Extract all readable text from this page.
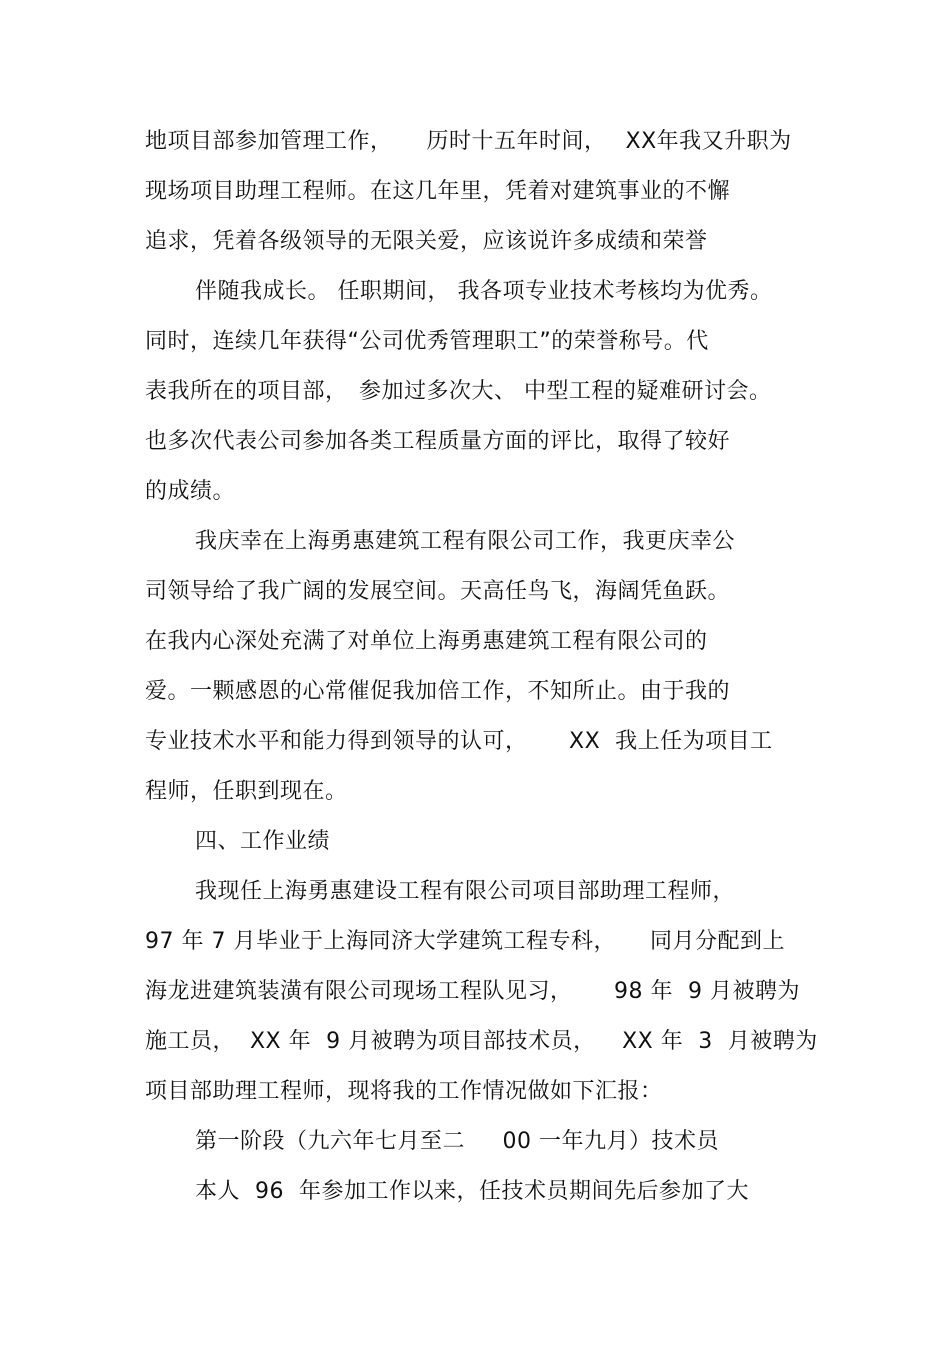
地项目部参加管理工作，　　历时十五年时间，　 XX年我又升职为
现场项目助理工程师。在这几年里，凭着对建筑事业的不懈
追求，凭着各级领导的无限关爱，应该说许多成绩和荣誉
伴随我成长。 任职期间， 我各项专业技术考核均为优秀。
同时，连续几年获得“公司优秀管理职工”的荣誉称号。代
表我所在的项目部，　参加过多次大、 中型工程的疑难研讨会。
也多次代表公司参加各类工程质量方面的评比，取得了较好
的成绩。
我庆幸在上海勇惠建筑工程有限公司工作，我更庆幸公
司领导给了我广阔的发展空间。天高任鸟飞，海阔凭鱼跃。
在我内心深处充满了对单位上海勇惠建筑工程有限公司的
爱。一颗感恩的心常催促我加倍工作，不知所止。由于我的
专业技术水平和能力得到领导的认可，　　 XX  我上任为项目工
程师，任职到现在。
四、工作业绩
我现任上海勇惠建设工程有限公司项目部助理工程师，
97 年 7 月毕业于上海同济大学建筑工程专科，　　同月分配到上
海龙进建筑装潢有限公司现场工程队见习，　　 98 年  9 月被聘为
施工员，  XX 年  9 月被聘为项目部技术员，　  XX 年  3  月被聘为
项目部助理工程师，现将我的工作情况做如下汇报：
第一阶段（九六年七月至二　  00 一年九月）技术员
本人  96  年参加工作以来，任技术员期间先后参加了大
